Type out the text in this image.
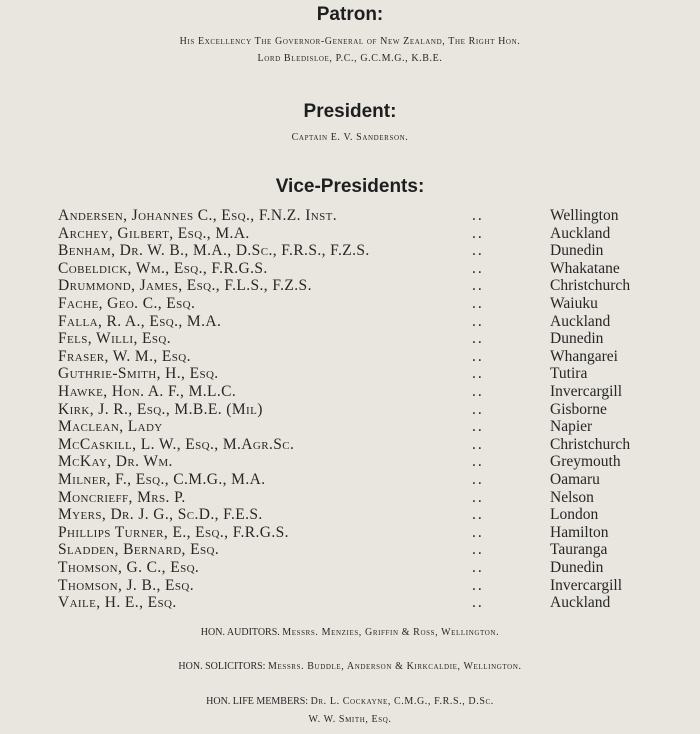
Patron:
His Excellency The Governor-General of New Zealand, The Right Hon.
Lord Bledisloe, P.C., G.C.M.G., K.B.E.
President:
Captain E. V. Sanderson.
Vice-Presidents:
Andersen, Johannes C., Esq., F.N.Z. Inst.	..	Wellington
Archey, Gilbert, Esq., M.A.	..	Auckland
Benham, Dr. W. B., M.A., D.Sc., F.R.S., F.Z.S.	..	Dunedin
Cobeldick, Wm., Esq., F.R.G.S.	..	Whakatane
Drummond, James, Esq., F.L.S., F.Z.S.	..	Christchurch
Fache, Geo. C., Esq.	..	Waiuku
Falla, R. A., Esq., M.A.	..	Auckland
Fels, Willi, Esq.	..	Dunedin
Fraser, W. M., Esq.	..	Whangarei
Guthrie-Smith, H., Esq.	..	Tutira
Hawke, Hon. A. F., M.L.C.	..	Invercargill
Kirk, J. R., Esq., M.B.E. (Mil)	..	Gisborne
Maclean, Lady	..	Napier
McCaskill, L. W., Esq., M.Agr.Sc.	..	Christchurch
McKay, Dr. Wm.	..	Greymouth
Milner, F., Esq., C.M.G., M.A.	..	Oamaru
Moncrieff, Mrs. P.	..	Nelson
Myers, Dr. J. G., Sc.D., F.E.S.	..	London
Phillips Turner, E., Esq., F.R.G.S.	..	Hamilton
Sladden, Bernard, Esq.	..	Tauranga
Thomson, G. C., Esq.	..	Dunedin
Thomson, J. B., Esq.	..	Invercargill
Vaile, H. E., Esq.	..	Auckland
HON. AUDITORS. Messrs. Menzies, Griffin & Ross, Wellington.
HON. SOLICITORS: Messrs. Buddle, Anderson & Kirkcaldie, Wellington.
HON. LIFE MEMBERS: Dr. L. Cockayne, C.M.G., F.R.S., D.Sc.
W. W. Smith, Esq.
